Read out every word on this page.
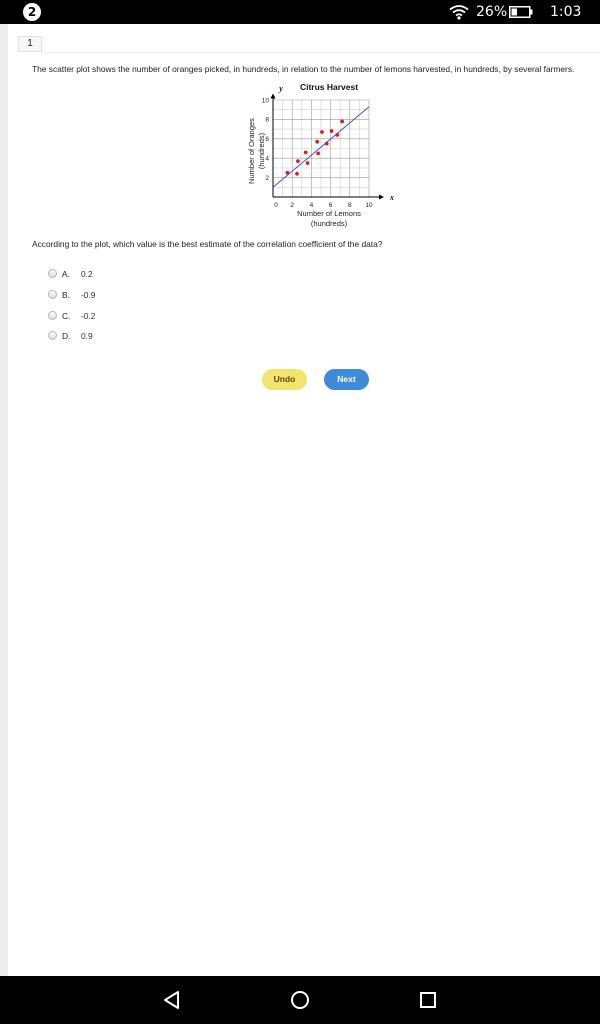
2	26%	1:03
1
The scatter plot shows the number of oranges picked, in hundreds, in relation to the number of lemons harvested, in hundreds, by several farmers.
Citrus Harvest
y
x
0 2 4 6 8 10
2
4
6
8
10
Number of Lemons
(hundreds)
Number of Oranges (hundreds)
According to the plot, which value is the best estimate of the correlation coefficient of the data?
A. 0.2
B. -0.9
C. -0.2
D. 0.9
Undo	Next
